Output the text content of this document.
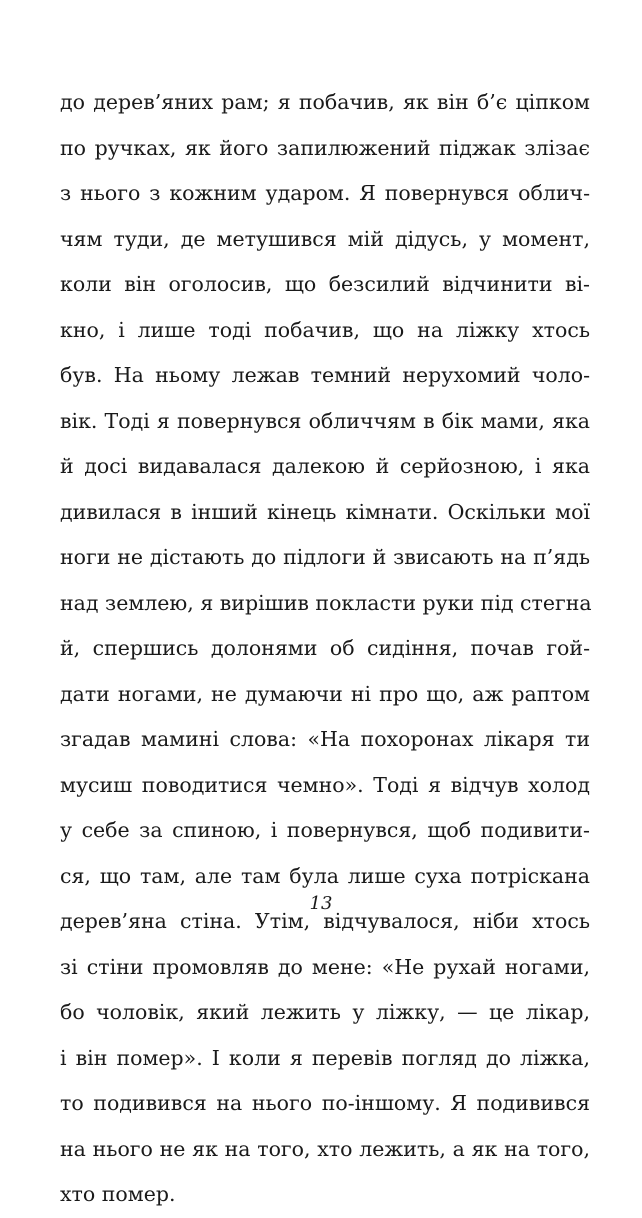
до дерев’яних рам; я побачив, як він б’є ціпком
по ручках, як його запилюжений піджак злізає
з нього з кожним ударом. Я повернувся облич-
чям туди, де метушився мій дідусь, у момент,
коли він оголосив, що безсилий відчинити ві-
кно, і лише тоді побачив, що на ліжку хтось
був. На ньому лежав темний нерухомий чоло-
вік. Тоді я повернувся обличчям в бік мами, яка
й досі видавалася далекою й серйозною, і яка
дивилася в інший кінець кімнати. Оскільки мої
ноги не дістають до підлоги й звисають на п’ядь
над землею, я вирішив покласти руки під стегна
й, спершись долонями об сидіння, почав гой-
дати ногами, не думаючи ні про що, аж раптом
згадав мамині слова: «На похоронах лікаря ти
мусиш поводитися чемно». Тоді я відчув холод
у себе за спиною, і повернувся, щоб подивити-
ся, що там, але там була лише суха потріскана
дерев’яна стіна. Утім, відчувалося, ніби хтось
зі стіни промовляв до мене: «Не рухай ногами,
бо чоловік, який лежить у ліжку, — це лікар,
і він помер». І коли я перевів погляд до ліжка,
то подивився на нього по-іншому. Я подивився
на нього не як на того, хто лежить, а як на того,
хто помер.
13
